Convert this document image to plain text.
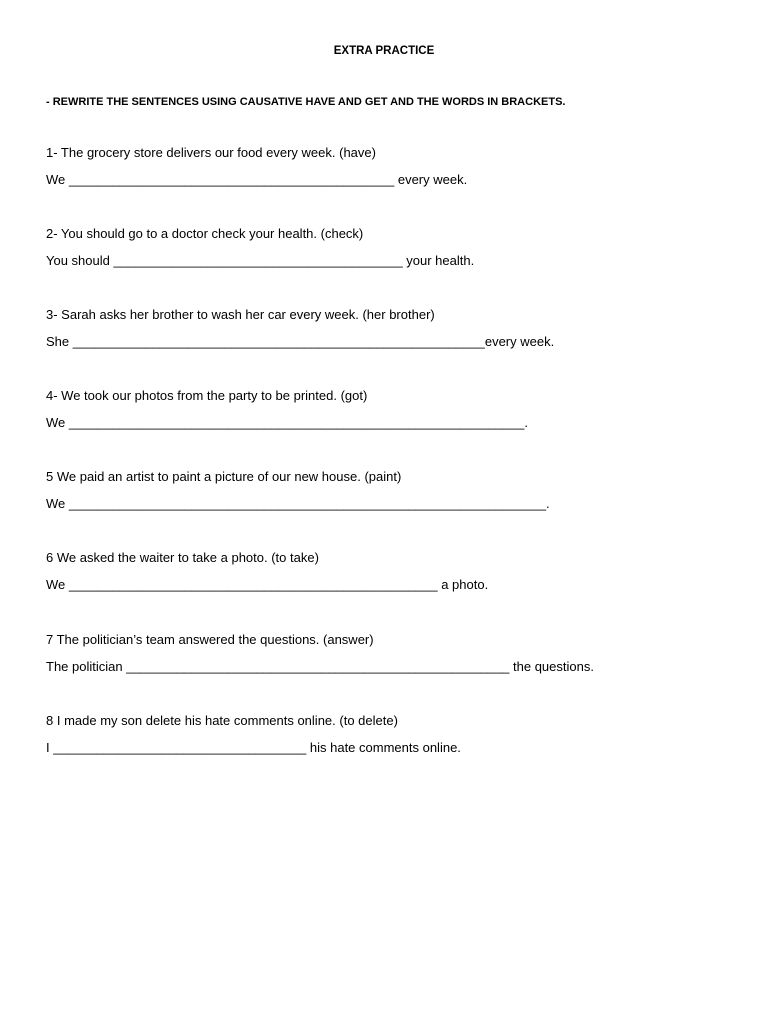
EXTRA PRACTICE
- REWRITE THE SENTENCES USING CAUSATIVE HAVE AND GET AND THE WORDS IN BRACKETS.
1- The grocery store delivers our food every week. (have)
We _____________________________________________ every week.
2- You should go to a doctor check your health. (check)
You should ________________________________________ your health.
3- Sarah asks her brother to wash her car every week. (her brother)
She _________________________________________________________every week.
4- We took our photos from the party to be printed. (got)
We _______________________________________________________________.
5 We paid an artist to paint a picture of our new house. (paint)
We __________________________________________________________________.
6 We asked the waiter to take a photo. (to take)
We ___________________________________________________ a photo.
7 The politician’s team answered the questions. (answer)
The politician _____________________________________________________ the questions.
8 I made my son delete his hate comments online. (to delete)
I ___________________________________ his hate comments online.
